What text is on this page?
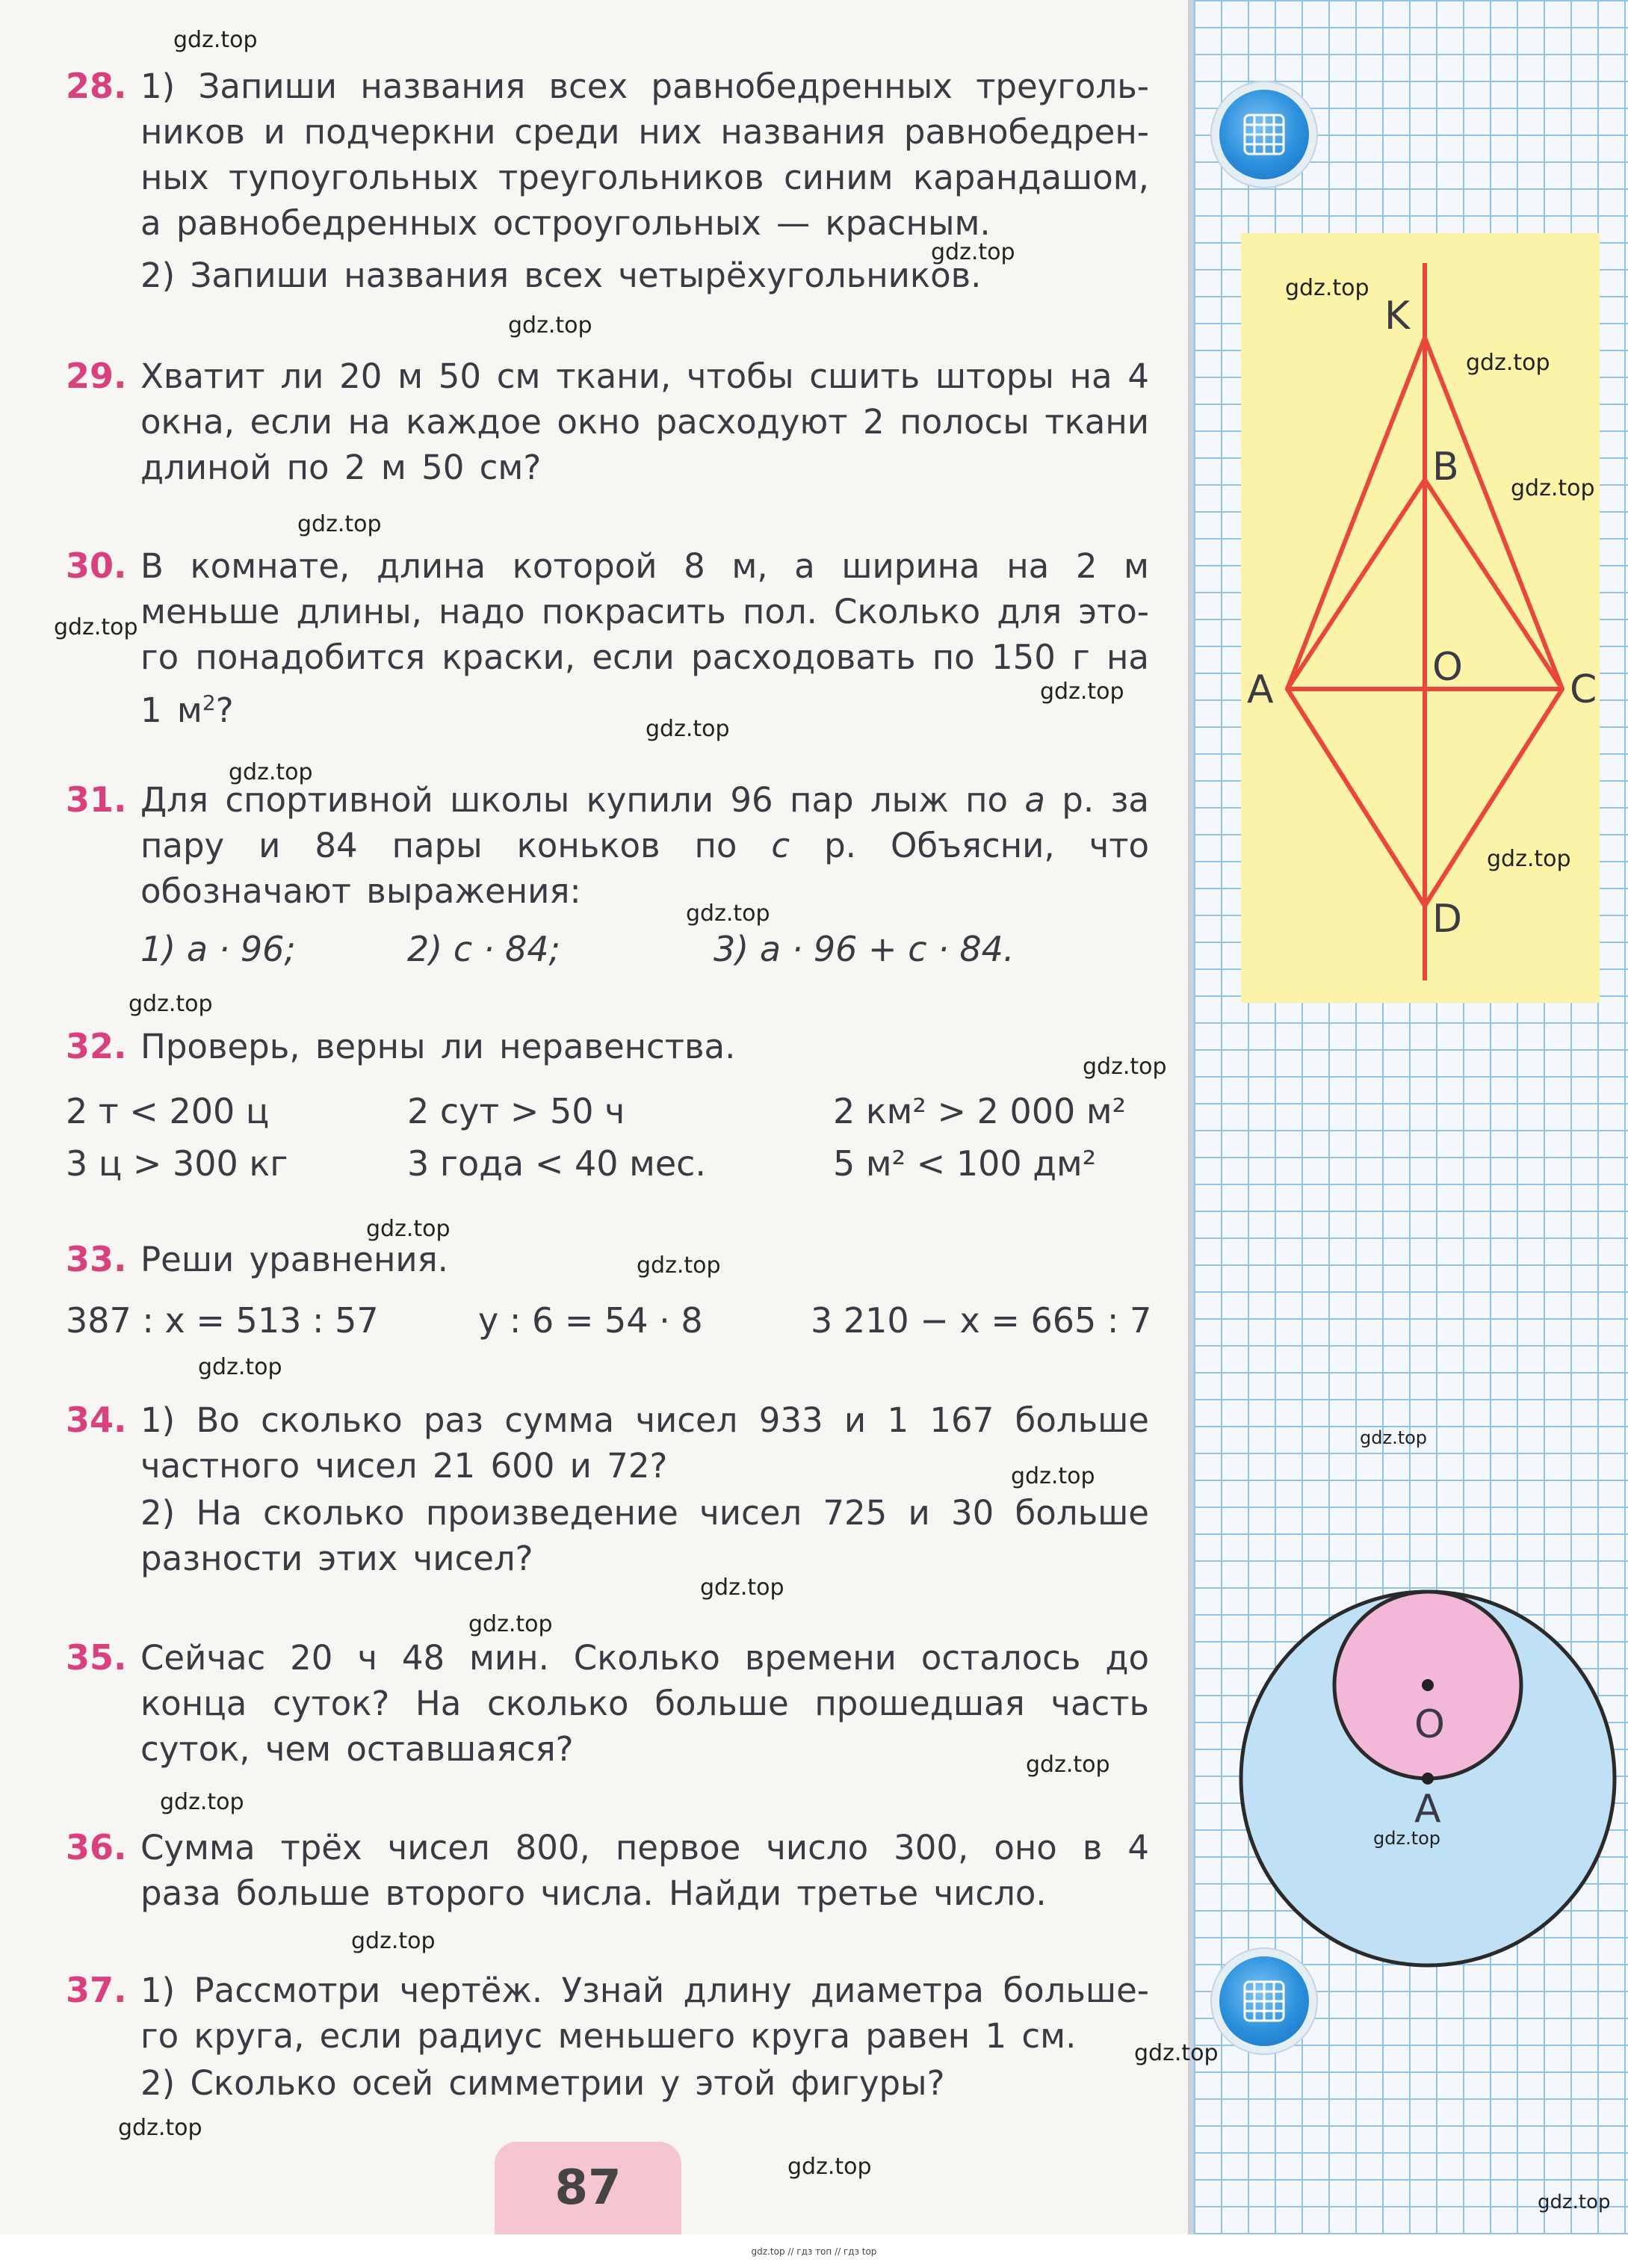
28. 1) Запиши названия всех равнобедренных треуголь-ников и подчеркни среди них названия равнобедрен-ных тупоугольных треугольников синим карандашом, а равнобедренных остроугольных — красным.
2) Запиши названия всех четырёхугольников.
29. Хватит ли 20 м 50 см ткани, чтобы сшить шторы на 4 окна, если на каждое окно расходуют 2 полосы ткани длиной по 2 м 50 см?
30. В комнате, длина которой 8 м, а ширина на 2 м меньше длины, надо покрасить пол. Сколько для это-го понадобится краски, если расходовать по 150 г на 1 $м^2$?
31. Для спортивной школы купили 96 пар лыж по a р. за пару и 84 пары коньков по c р. Объясни, что обозначают выражения:
1) a · 96;	2) c · 84;	3) a · 96 + c · 84.
32. Проверь, верны ли неравенства.
2 т < 200 ц	2 сут > 50 ч	2 км² > 2 000 м²
3 ц > 300 кг	3 года < 40 мес.	5 м² < 100 дм²
33. Реши уравнения.
387 : x = 513 : 57	y : 6 = 54 · 8	3 210 − x = 665 : 7
34. 1) Во сколько раз сумма чисел 933 и 1 167 больше частного чисел 21 600 и 72?
2) На сколько произведение чисел 725 и 30 больше разности этих чисел?
35. Сейчас 20 ч 48 мин. Сколько времени осталось до конца суток? На сколько больше прошедшая часть суток, чем оставшаяся?
36. Сумма трёх чисел 800, первое число 300, оно в 4 раза больше второго числа. Найди третье число.
37. 1) Рассмотри чертёж. Узнай длину диаметра больше-го круга, если радиус меньшего круга равен 1 см.
2) Сколько осей симметрии у этой фигуры?
K
B
A	O	C
D
O
A
87
gdz.top
gdz.top
gdz.top
gdz.top
gdz.top
gdz.top
gdz.top
gdz.top
gdz.top
gdz.top
gdz.top
gdz.top
gdz.top
gdz.top
gdz.top
gdz.top
gdz.top
gdz.top
gdz.top
gdz.top
gdz.top
gdz.top
gdz.top
gdz.top
gdz.top
gdz.top
gdz.top
gdz.top
gdz.top
gdz.top
gdz.top // гдз топ // гдз top
